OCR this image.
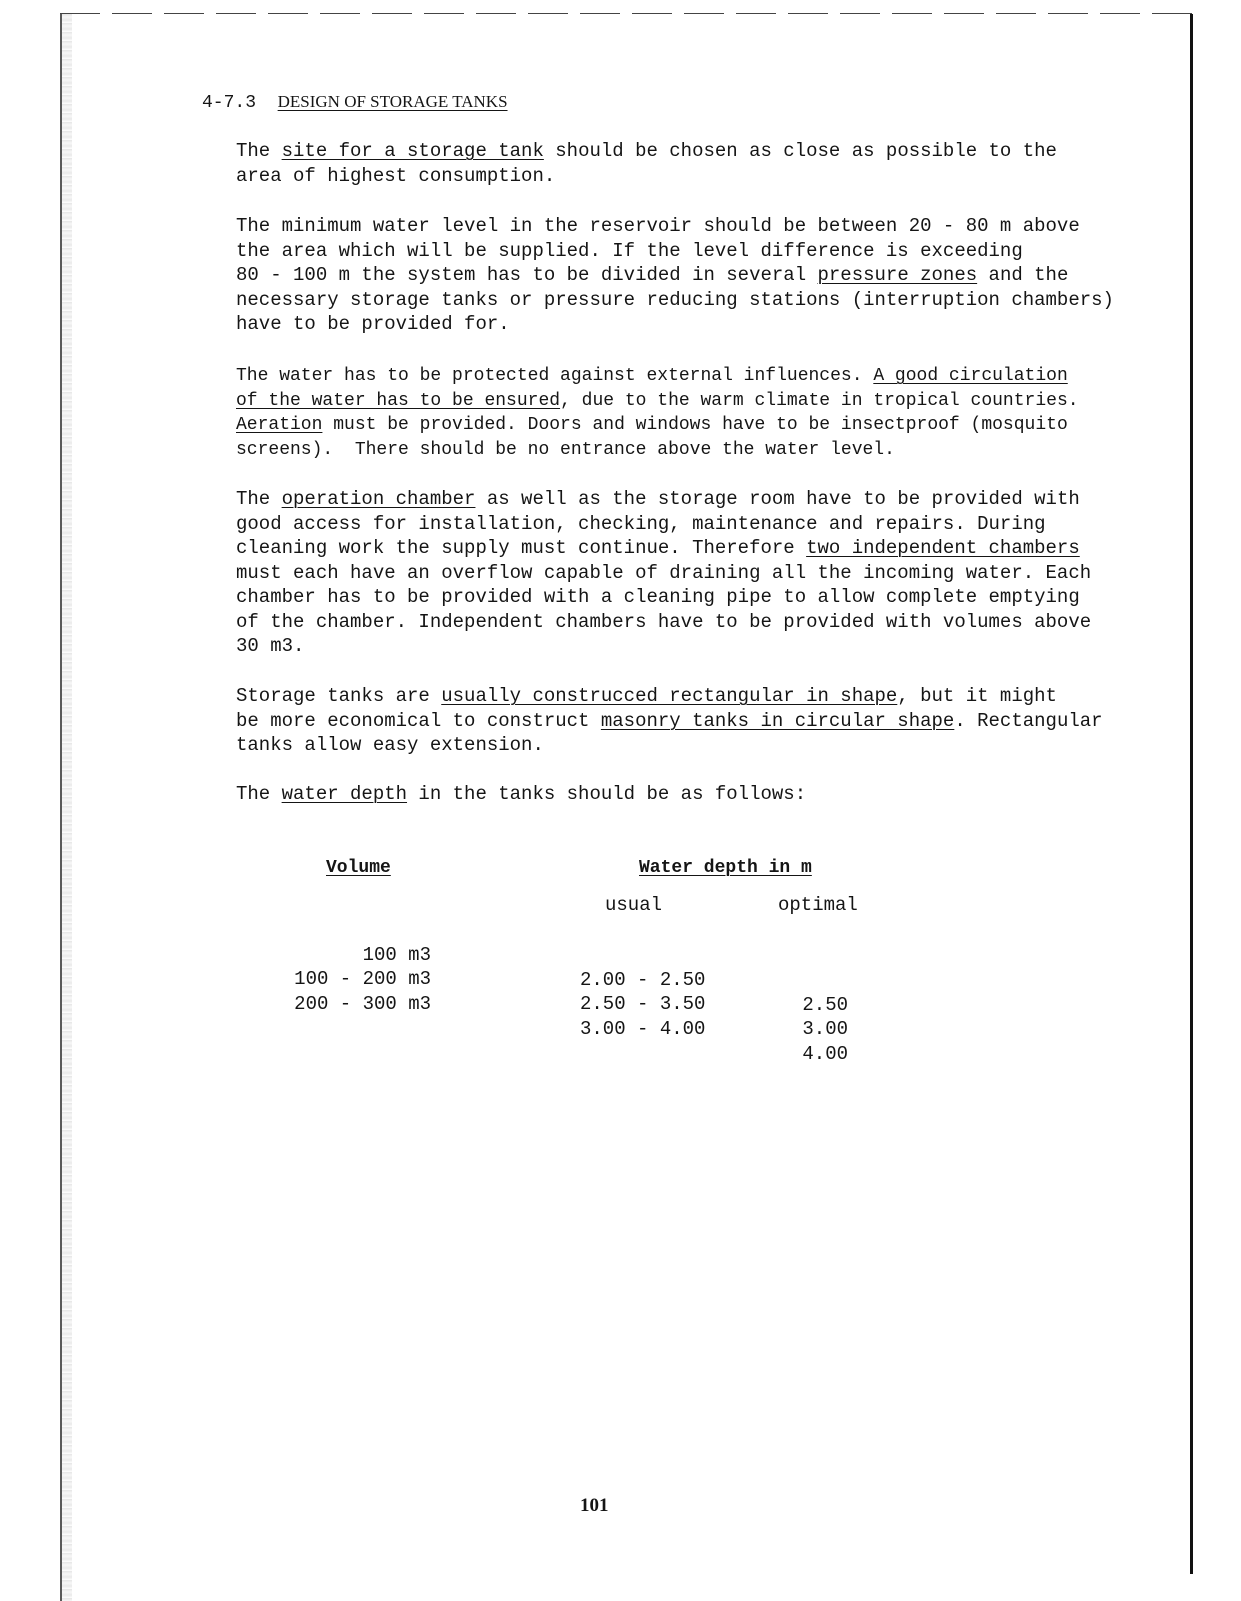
4-7.3 DESIGN OF STORAGE TANKS
The site for a storage tank should be chosen as close as possible to the
area of highest consumption.
The minimum water level in the reservoir should be between 20 - 80 m above
the area which will be supplied. If the level difference is exceeding
80 - 100 m the system has to be divided in several pressure zones and the
necessary storage tanks or pressure reducing stations (interruption chambers)
have to be provided for.
The water has to be protected against external influences. A good circulation
of the water has to be ensured, due to the warm climate in tropical countries.
Aeration must be provided. Doors and windows have to be insectproof (mosquito
screens).  There should be no entrance above the water level.
The operation chamber as well as the storage room have to be provided with
good access for installation, checking, maintenance and repairs. During
cleaning work the supply must continue. Therefore two independent chambers
must each have an overflow capable of draining all the incoming water. Each
chamber has to be provided with a cleaning pipe to allow complete emptying
of the chamber. Independent chambers have to be provided with volumes above
30 m3.
Storage tanks are usually construcced rectangular in shape, but it might
be more economical to construct masonry tanks in circular shape. Rectangular
tanks allow easy extension.
The water depth in the tanks should be as follows:
Volume	Water depth in m
usual	optimal

100 m3

2.00 - 2.50

2.50

100 - 200 m3

2.50 - 3.50

3.00

200 - 300 m3

3.00 - 4.00

4.00

101
